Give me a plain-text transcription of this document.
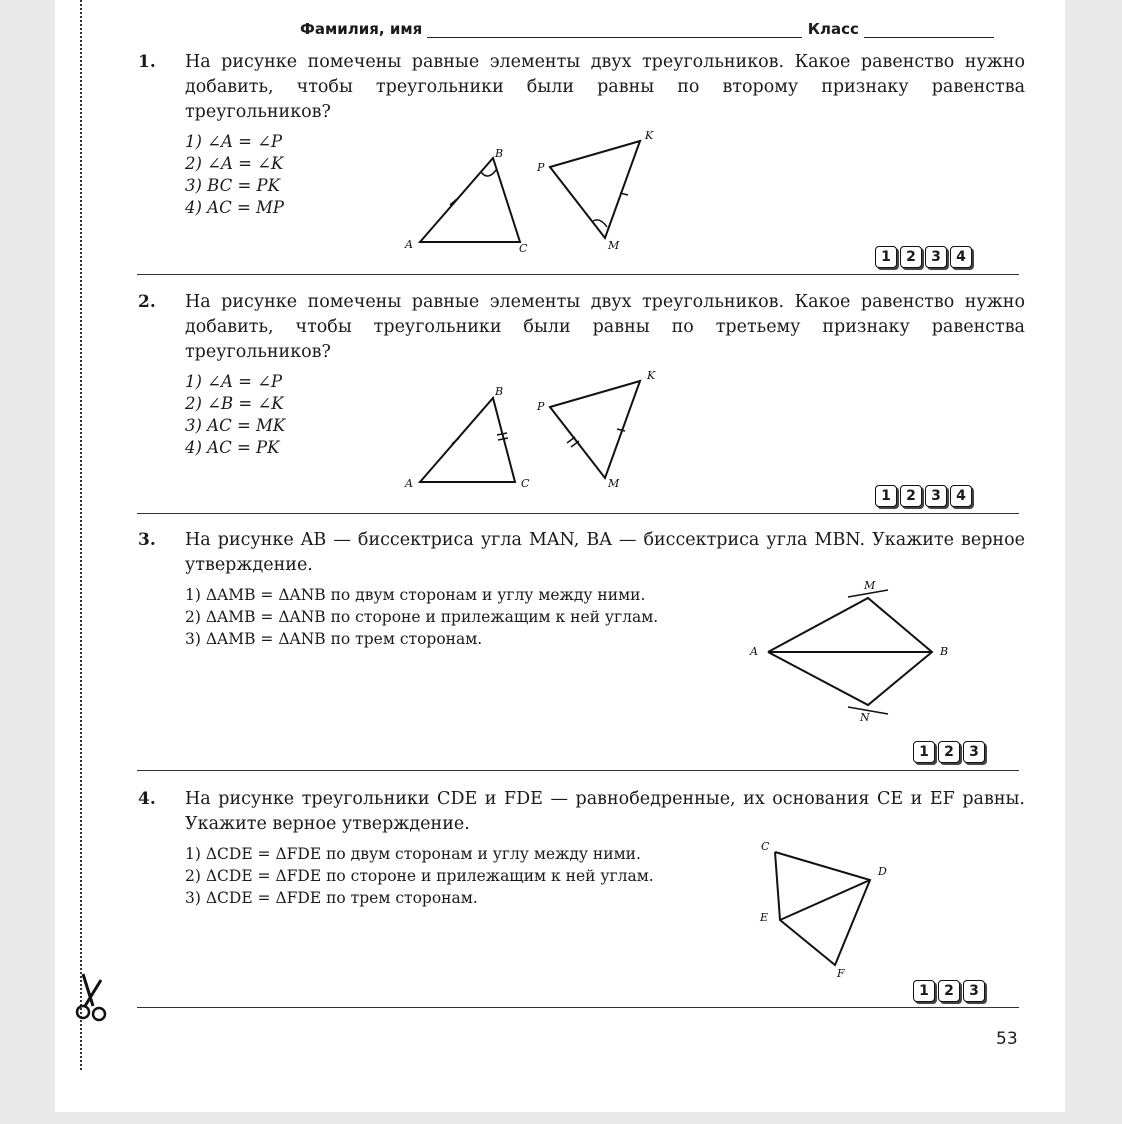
Фамилия, имя	Класс
1. На рисунке помечены равные элементы двух треугольников. Какое равенство нужно добавить, чтобы треугольники были равны по второму признаку равенства треугольников?
1) ∠A = ∠P
2) ∠A = ∠K
3) BC = PK
4) AC = MP
A
B
C
P
K
M
1	2	3	4
2. На рисунке помечены равные элементы двух треугольников. Какое равенство нужно добавить, чтобы треугольники были равны по третьему признаку равенства треугольников?
1) ∠A = ∠P
2) ∠B = ∠K
3) AC = MK
4) AC = PK
A
B
C
P
K
M
1	2	3	4
3. На рисунке AB — биссектриса угла MAN, BA — биссектриса угла MBN. Укажите верное утверждение.
1) ΔAMB = ΔANB по двум сторонам и углу между ними.
2) ΔAMB = ΔANB по стороне и прилежащим к ней углам.
3) ΔAMB = ΔANB по трем сторонам.
A
M
B
N
1	2	3
4. На рисунке треугольники CDE и FDE — равнобедренные, их основания CE и EF равны. Укажите верное утверждение.
1) ΔCDE = ΔFDE по двум сторонам и углу между ними.
2) ΔCDE = ΔFDE по стороне и прилежащим к ней углам.
3) ΔCDE = ΔFDE по трем сторонам.
C
D
E
F
1	2	3
53
